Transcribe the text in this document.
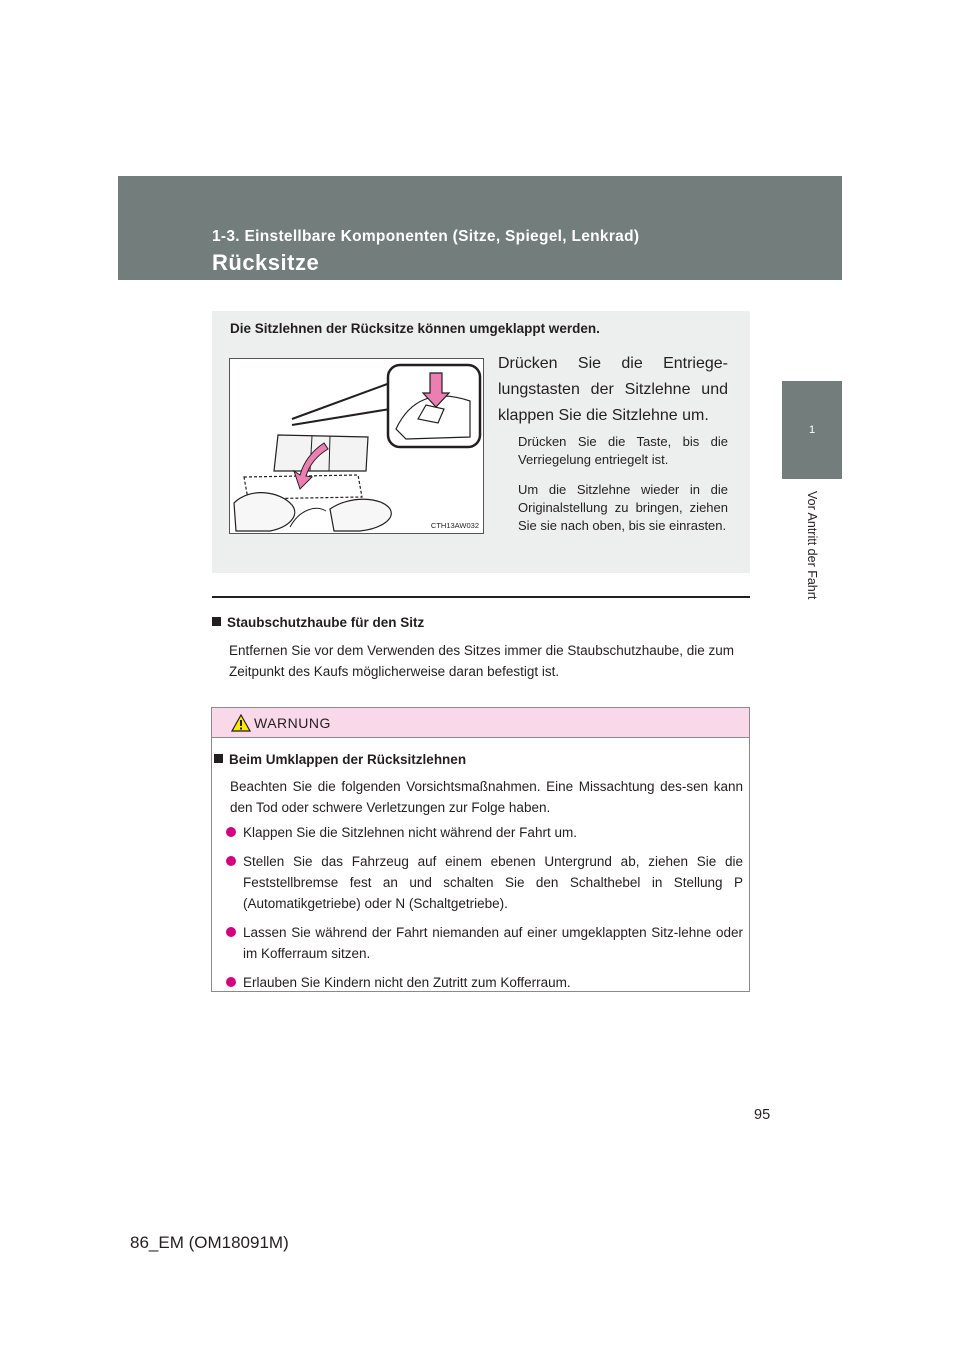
1-3. Einstellbare Komponenten (Sitze, Spiegel, Lenkrad)
Rücksitze
1
Vor Antritt der Fahrt
Die Sitzlehnen der Rücksitze können umgeklappt werden.
CTH13AW032
Drücken Sie die Entriege-lungstasten der Sitzlehne und klappen Sie die Sitzlehne um.
Drücken Sie die Taste, bis die Verriegelung entriegelt ist.
Um die Sitzlehne wieder in die Originalstellung zu bringen, ziehen Sie sie nach oben, bis sie einrasten.
Staubschutzhaube für den Sitz
Entfernen Sie vor dem Verwenden des Sitzes immer die Staubschutzhaube, die zum Zeitpunkt des Kaufs möglicherweise daran befestigt ist.
WARNUNG
Beim Umklappen der Rücksitzlehnen
Beachten Sie die folgenden Vorsichtsmaßnahmen. Eine Missachtung des-sen kann den Tod oder schwere Verletzungen zur Folge haben.
Klappen Sie die Sitzlehnen nicht während der Fahrt um.
Stellen Sie das Fahrzeug auf einem ebenen Untergrund ab, ziehen Sie die Feststellbremse fest an und schalten Sie den Schalthebel in Stellung P (Automatikgetriebe) oder N (Schaltgetriebe).
Lassen Sie während der Fahrt niemanden auf einer umgeklappten Sitz-lehne oder im Kofferraum sitzen.
Erlauben Sie Kindern nicht den Zutritt zum Kofferraum.
95
86_EM (OM18091M)
